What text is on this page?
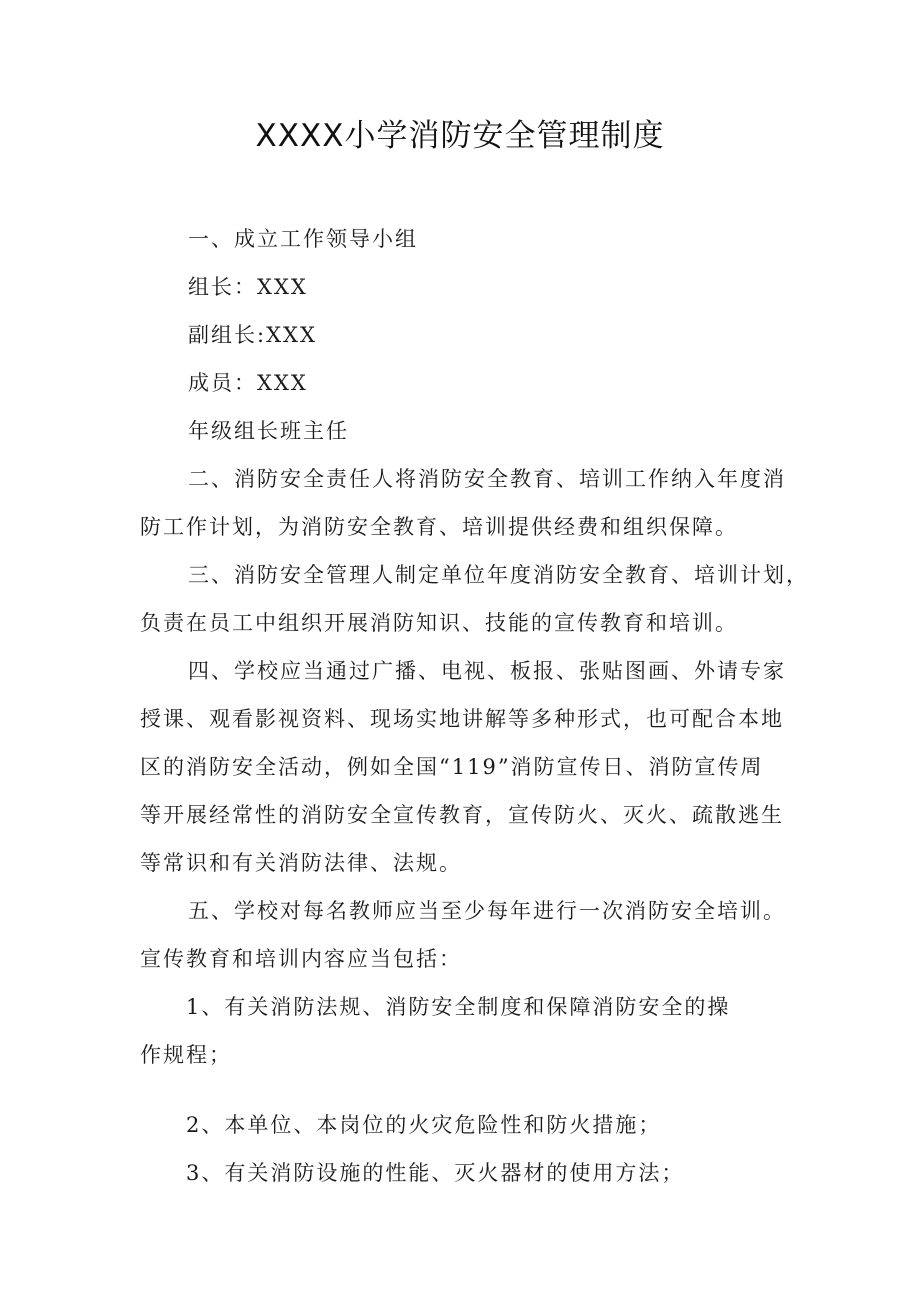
XXXX小学消防安全管理制度

一、成立工作领导小组

组长：XXX

副组长:XXX

成员：XXX

年级组长班主任

二、消防安全责任人将消防安全教育、培训工作纳入年度消

防工作计划，为消防安全教育、培训提供经费和组织保障。

三、消防安全管理人制定单位年度消防安全教育、培训计划，

负责在员工中组织开展消防知识、技能的宣传教育和培训。

四、学校应当通过广播、电视、板报、张贴图画、外请专家

授课、观看影视资料、现场实地讲解等多种形式，也可配合本地

区的消防安全活动，例如全国“119”消防宣传日、消防宣传周

等开展经常性的消防安全宣传教育，宣传防火、灭火、疏散逃生

等常识和有关消防法律、法规。

五、学校对每名教师应当至少每年进行一次消防安全培训。

宣传教育和培训内容应当包括：

1、有关消防法规、消防安全制度和保障消防安全的操

作规程；

2、本单位、本岗位的火灾危险性和防火措施；

3、有关消防设施的性能、灭火器材的使用方法；
